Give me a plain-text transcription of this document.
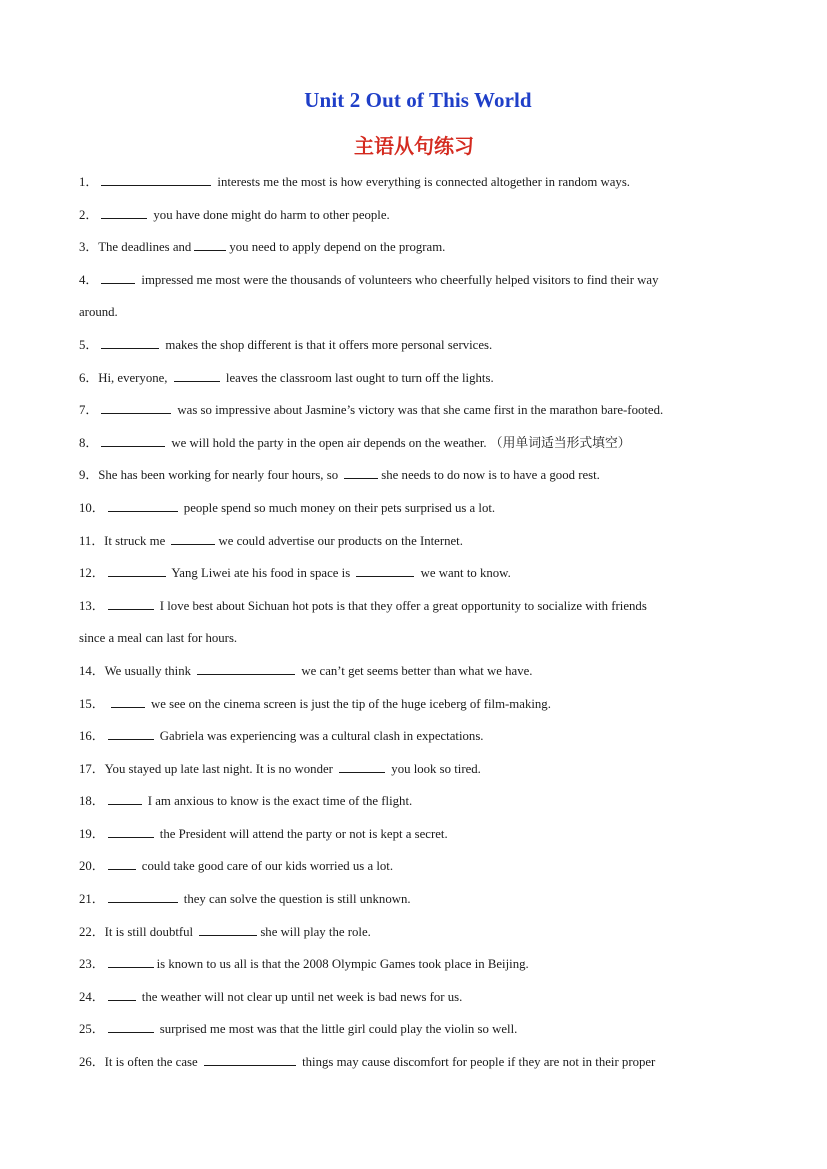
Unit 2 Out of This World
主语从句练习
1．	interests me the most is how everything is connected altogether in random ways.
2．	you have done might do harm to other people.
3．The deadlines and	you need to apply depend on the program.
4．	impressed me most were the thousands of volunteers who cheerfully helped visitors to find their way
around.
5．	makes the shop different is that it offers more personal services.
6．Hi, everyone,	leaves the classroom last ought to turn off the lights.
7．	was so impressive about Jasmine’s victory was that she came first in the marathon bare-footed.
8．	we will hold the party in the open air depends on the weather. （用单词适当形式填空）
9．She has been working for nearly four hours, so	she needs to do now is to have a good rest.
10．	people spend so much money on their pets surprised us a lot.
11．It struck me	we could advertise our products on the Internet.
12．	Yang Liwei ate his food in space is	we want to know.
13．	I love best about Sichuan hot pots is that they offer a great opportunity to socialize with friends
since a meal can last for hours.
14．We usually think	we can’t get seems better than what we have.
15．	we see on the cinema screen is just the tip of the huge iceberg of film-making.
16．	Gabriela was experiencing was a cultural clash in expectations.
17．You stayed up late last night. It is no wonder	you look so tired.
18．	I am anxious to know is the exact time of the flight.
19．	the President will attend the party or not is kept a secret.
20．	could take good care of our kids worried us a lot.
21．	they can solve the question is still unknown.
22．It is still doubtful	she will play the role.
23．	is known to us all is that the 2008 Olympic Games took place in Beijing.
24．	the weather will not clear up until net week is bad news for us.
25．	surprised me most was that the little girl could play the violin so well.
26．It is often the case	things may cause discomfort for people if they are not in their proper
